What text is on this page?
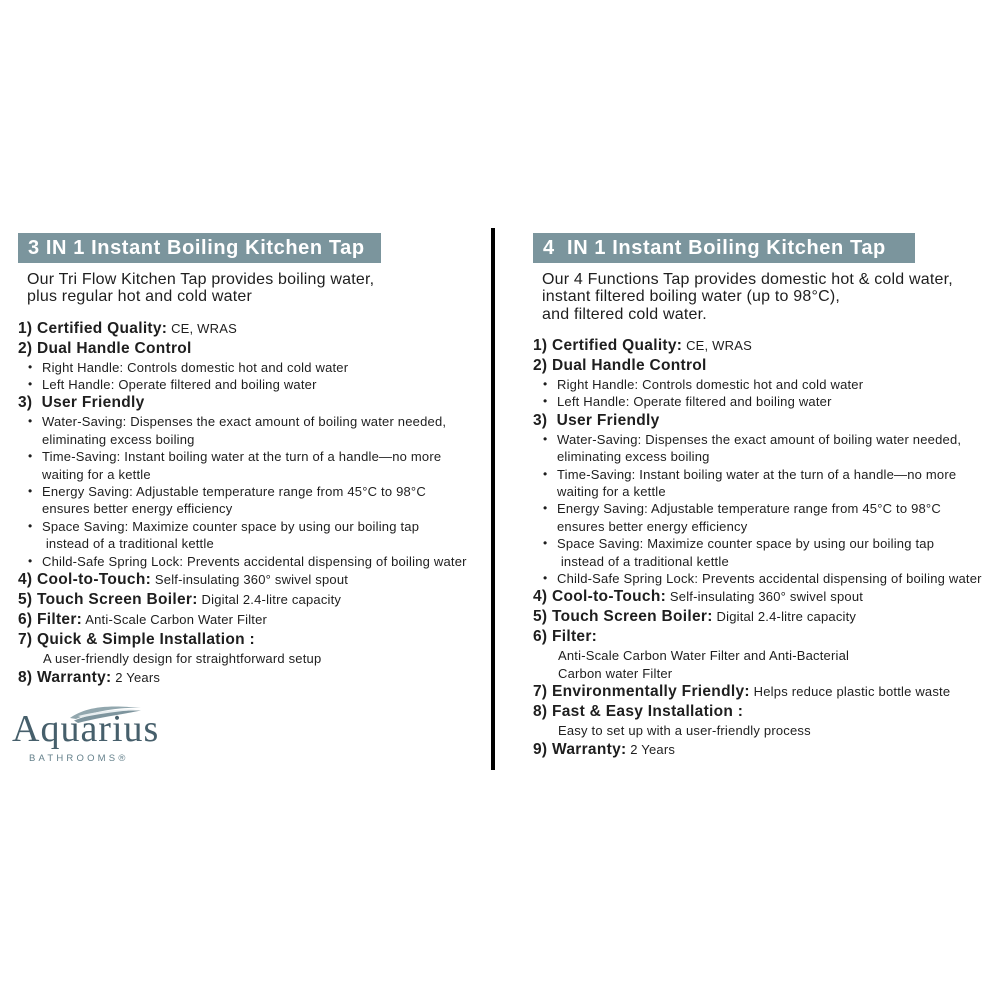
3 IN 1 Instant Boiling Kitchen Tap
Our Tri Flow Kitchen Tap provides boiling water,
plus regular hot and cold water
1) Certified Quality: CE, WRAS
2) Dual Handle Control
• Right Handle: Controls domestic hot and cold water
• Left Handle: Operate filtered and boiling water
3)  User Friendly
• Water-Saving: Dispenses the exact amount of boiling water needed,
eliminating excess boiling
• Time-Saving: Instant boiling water at the turn of a handle—no more
waiting for a kettle
• Energy Saving: Adjustable temperature range from 45°C to 98°C
ensures better energy efficiency
• Space Saving: Maximize counter space by using our boiling tap
instead of a traditional kettle
• Child-Safe Spring Lock: Prevents accidental dispensing of boiling water
4) Cool-to-Touch: Self-insulating 360° swivel spout
5) Touch Screen Boiler: Digital 2.4-litre capacity
6) Filter: Anti-Scale Carbon Water Filter
7) Quick & Simple Installation :
A user-friendly design for straightforward setup
8) Warranty: 2 Years
4  IN 1 Instant Boiling Kitchen Tap
Our 4 Functions Tap provides domestic hot & cold water,
instant filtered boiling water (up to 98°C),
and filtered cold water.
1) Certified Quality: CE, WRAS
2) Dual Handle Control
• Right Handle: Controls domestic hot and cold water
• Left Handle: Operate filtered and boiling water
3)  User Friendly
• Water-Saving: Dispenses the exact amount of boiling water needed,
eliminating excess boiling
• Time-Saving: Instant boiling water at the turn of a handle—no more
waiting for a kettle
• Energy Saving: Adjustable temperature range from 45°C to 98°C
ensures better energy efficiency
• Space Saving: Maximize counter space by using our boiling tap
instead of a traditional kettle
• Child-Safe Spring Lock: Prevents accidental dispensing of boiling water
4) Cool-to-Touch: Self-insulating 360° swivel spout
5) Touch Screen Boiler: Digital 2.4-litre capacity
6) Filter:
Anti-Scale Carbon Water Filter and Anti-Bacterial
Carbon water Filter
7) Environmentally Friendly: Helps reduce plastic bottle waste
8) Fast & Easy Installation :
Easy to set up with a user-friendly process
9) Warranty: 2 Years
Aquarius
BATHROOMS®
